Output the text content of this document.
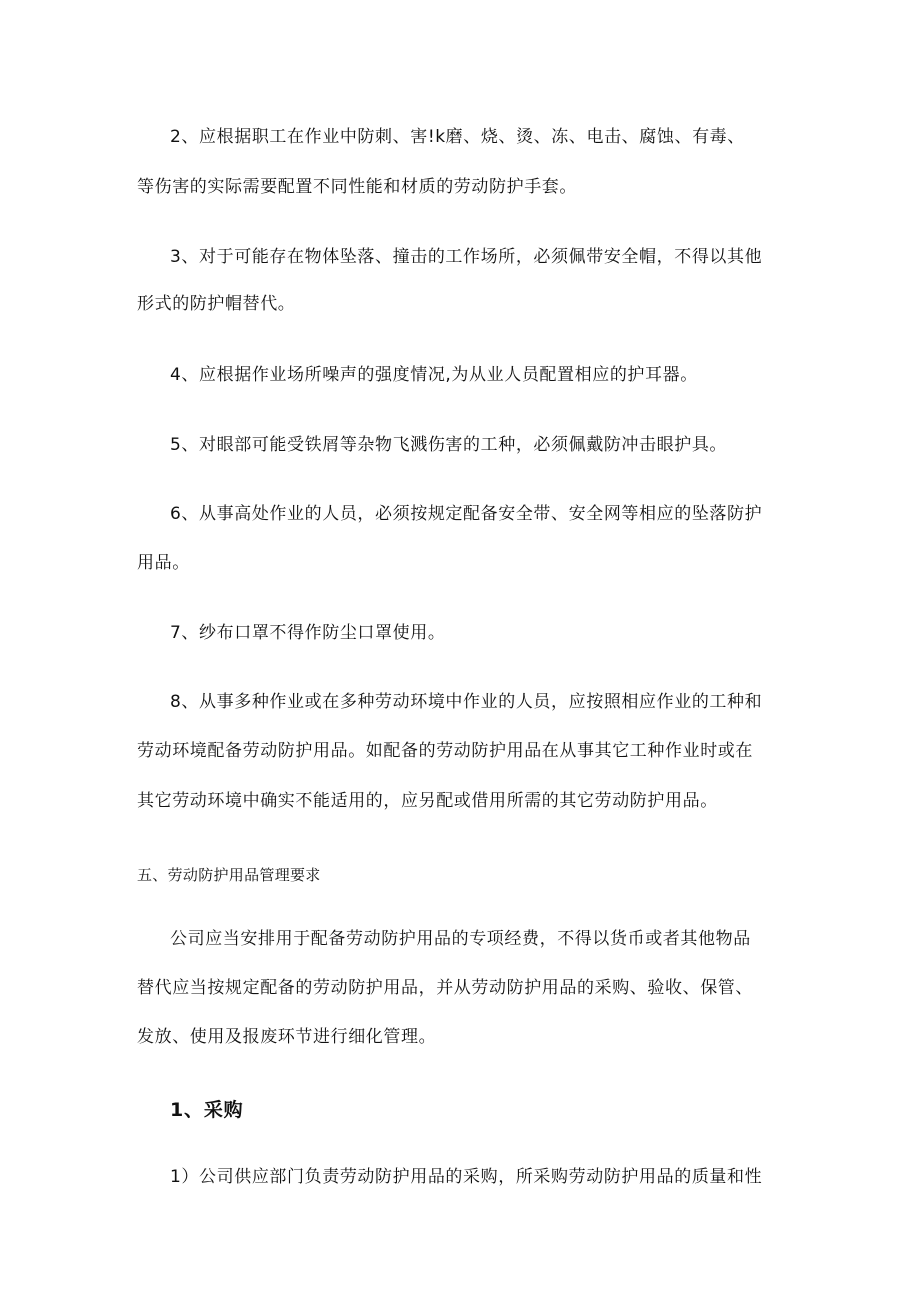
2、应根据职工在作业中防刺、害!k磨、烧、烫、冻、电击、腐蚀、有毒、
等伤害的实际需要配置不同性能和材质的劳动防护手套。
3、对于可能存在物体坠落、撞击的工作场所，必须佩带安全帽，不得以其他
形式的防护帽替代。
4、应根据作业场所噪声的强度情况,为从业人员配置相应的护耳器。
5、对眼部可能受铁屑等杂物飞溅伤害的工种，必须佩戴防冲击眼护具。
6、从事高处作业的人员，必须按规定配备安全带、安全网等相应的坠落防护
用品。
7、纱布口罩不得作防尘口罩使用。
8、从事多种作业或在多种劳动环境中作业的人员，应按照相应作业的工种和
劳动环境配备劳动防护用品。如配备的劳动防护用品在从事其它工种作业时或在
其它劳动环境中确实不能适用的，应另配或借用所需的其它劳动防护用品。
五、劳动防护用品管理要求
公司应当安排用于配备劳动防护用品的专项经费，不得以货币或者其他物品
替代应当按规定配备的劳动防护用品，并从劳动防护用品的采购、验收、保管、
发放、使用及报废环节进行细化管理。
1、采购
1）公司供应部门负责劳动防护用品的采购，所采购劳动防护用品的质量和性
